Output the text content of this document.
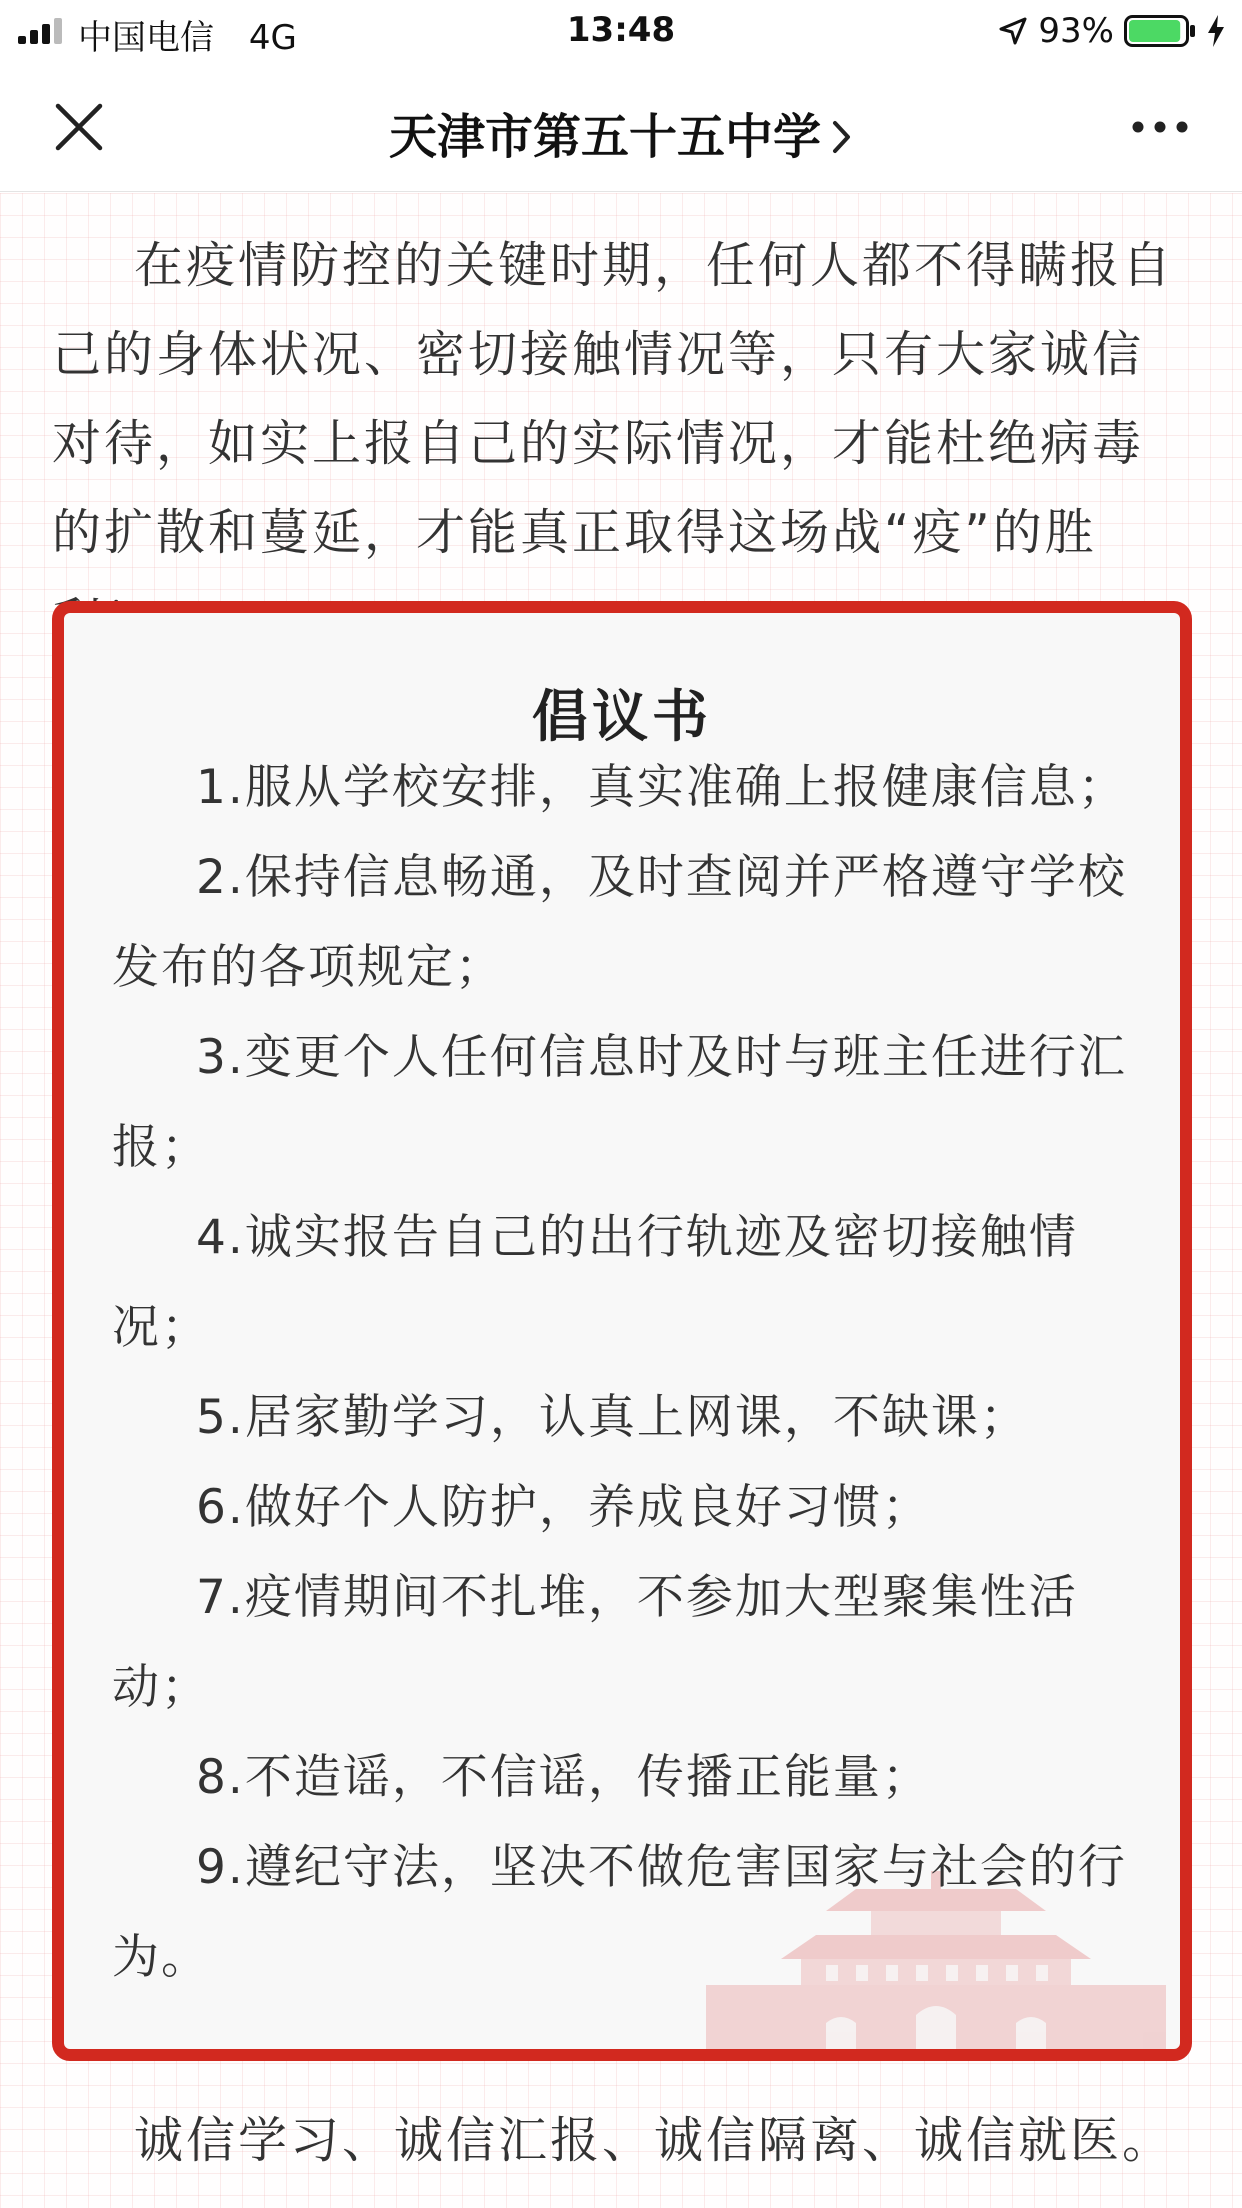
中国电信 4G	13:48	93%
天津市第五十五中学

在疫情防控的关键时期，任何人都不得瞒报自己的身体状况、密切接触情况等，只有大家诚信对待，如实上报自己的实际情况，才能杜绝病毒的扩散和蔓延，才能真正取得这场战“疫”的胜

倡议书

1.服从学校安排，真实准确上报健康信息；

2.保持信息畅通，及时查阅并严格遵守学校发布的各项规定；

3.变更个人任何信息时及时与班主任进行汇报；

4.诚实报告自己的出行轨迹及密切接触情况；

5.居家勤学习，认真上网课，不缺课；

6.做好个人防护，养成良好习惯；

7.疫情期间不扎堆，不参加大型聚集性活动；

8.不造谣，不信谣，传播正能量；

9.遵纪守法，坚决不做危害国家与社会的行为。

诚信学习、诚信汇报、诚信隔离、诚信就医。
